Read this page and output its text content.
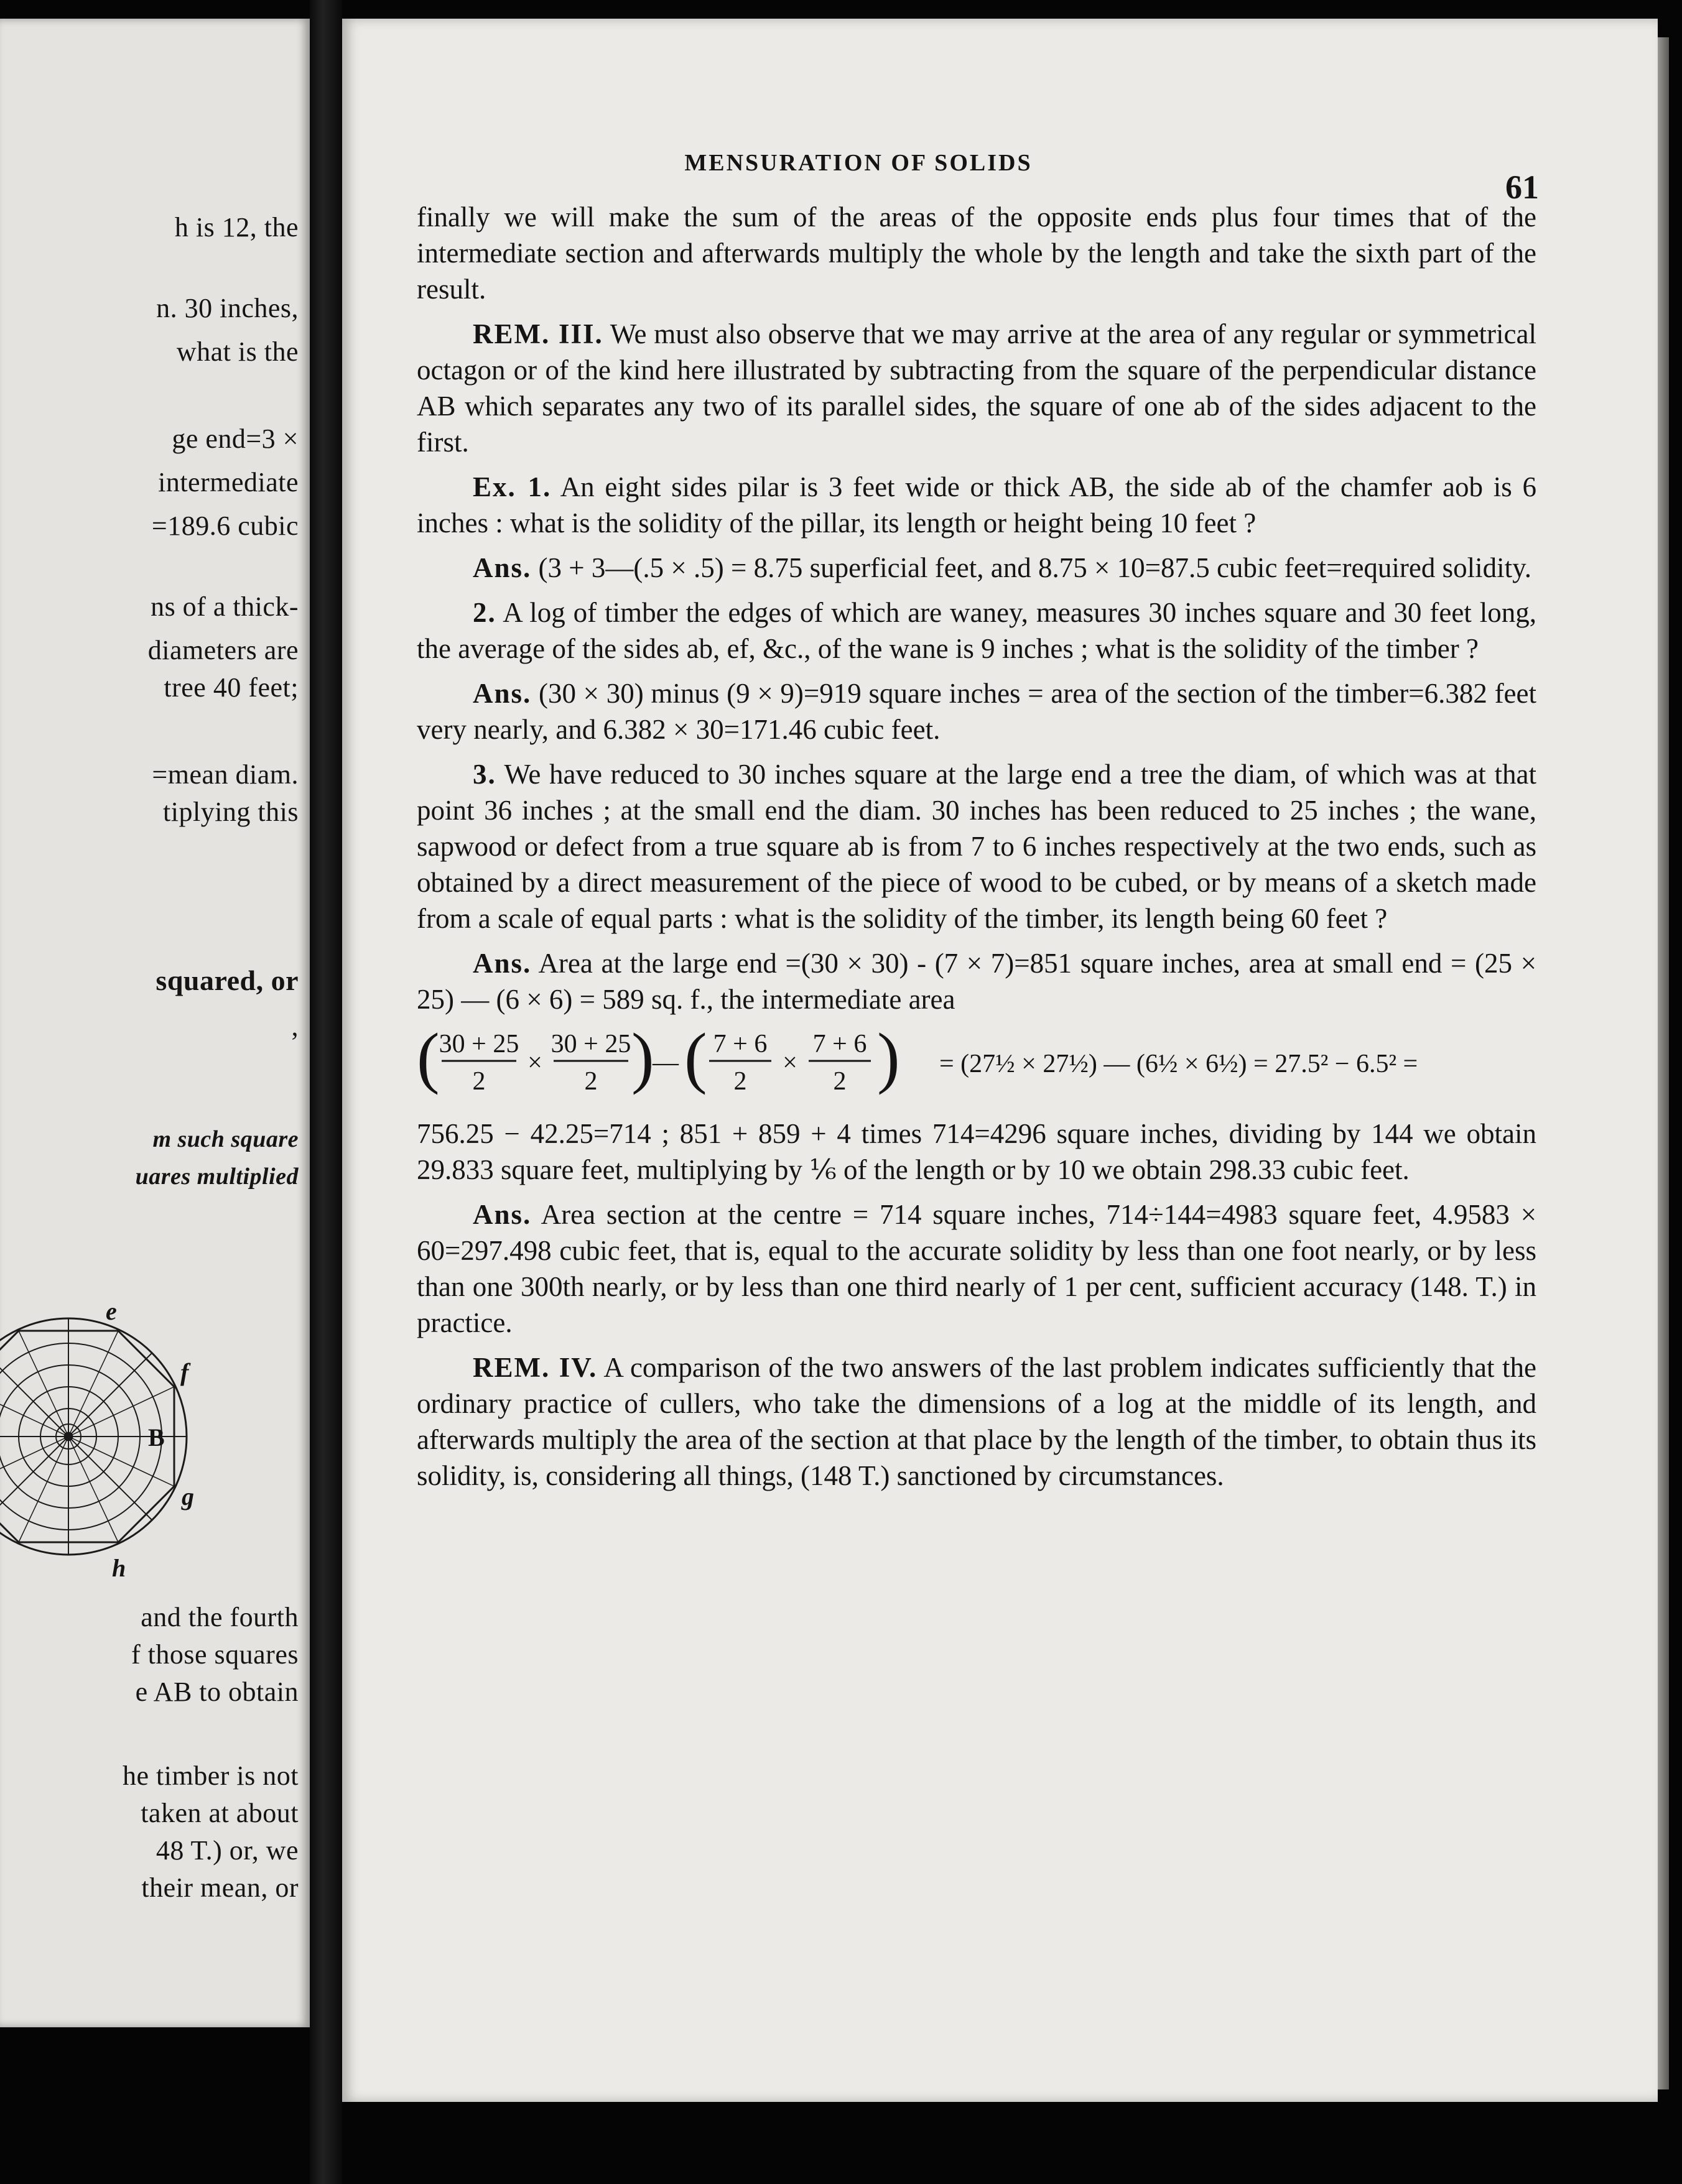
h is 12, the
n. 30 inches,
what is the
ge end=3 ×
intermediate
=189.6 cubic
ns of a thick-
diameters are
tree 40 feet;
=mean diam.
tiplying this
squared, or
,
m such square
uares multiplied
e
f
B
g
h
and the fourth
f those squares
e AB to obtain
he timber is not
taken at about
48 T.) or, we
their mean, or
MENSURATION OF SOLIDS
61

finally we will make the sum of the areas of the opposite ends plus four times that of the intermediate section and afterwards multiply the whole by the length and take the sixth part of the result.

REM. III. We must also observe that we may arrive at the area of any regular or symmetrical octagon or of the kind here illustrated by subtracting from the square of the perpendicular distance AB which separates any two of its parallel sides, the square of one ab of the sides adjacent to the first.

Ex. 1. An eight sides pilar is 3 feet wide or thick AB, the side ab of the chamfer aob is 6 inches : what is the solidity of the pillar, its length or height being 10 feet ?

Ans. (3 + 3—(.5 × .5) = 8.75 superficial feet, and 8.75 × 10=87.5 cubic feet=required solidity.

2. A log of timber the edges of which are waney, measures 30 inches square and 30 feet long, the average of the sides ab, ef, &c., of the wane is 9 inches ; what is the solidity of the timber ?

Ans. (30 × 30) minus (9 × 9)=919 square inches = area of the section of the timber=6.382 feet very nearly, and 6.382 × 30=171.46 cubic feet.

3. We have reduced to 30 inches square at the large end a tree the diam, of which was at that point 36 inches ; at the small end the diam. 30 inches has been reduced to 25 inches ; the wane, sapwood or defect from a true square ab is from 7 to 6 inches respectively at the two ends, such as obtained by a direct measurement of the piece of wood to be cubed, or by means of a sketch made from a scale of equal parts : what is the solidity of the timber, its length being 60 feet ?

Ans. Area at the large end =(30 × 30) - (7 × 7)=851 square inches, area at small end = (25 × 25) — (6 × 6) = 589 sq. f., the intermediate area

( 30 + 25
2
×
30 + 25
2 )
— ( 7 + 6
2
×
7 + 6
2 ) = (27½ × 27½) — (6½ × 6½) = 27.5² − 6.5² =

756.25 − 42.25=714 ; 851 + 859 + 4 times 714=4296 square inches, dividing by 144 we obtain 29.833 square feet, multiplying by ⅙ of the length or by 10 we obtain 298.33 cubic feet.

Ans. Area section at the centre = 714 square inches, 714÷144=4983 square feet, 4.9583 × 60=297.498 cubic feet, that is, equal to the accurate solidity by less than one foot nearly, or by less than one 300th nearly, or by less than one third nearly of 1 per cent, sufficient accuracy (148. T.) in practice.

REM. IV. A comparison of the two answers of the last problem indicates sufficiently that the ordinary practice of cullers, who take the dimensions of a log at the middle of its length, and afterwards multiply the area of the section at that place by the length of the timber, to obtain thus its solidity, is, considering all things, (148 T.) sanctioned by circumstances.
